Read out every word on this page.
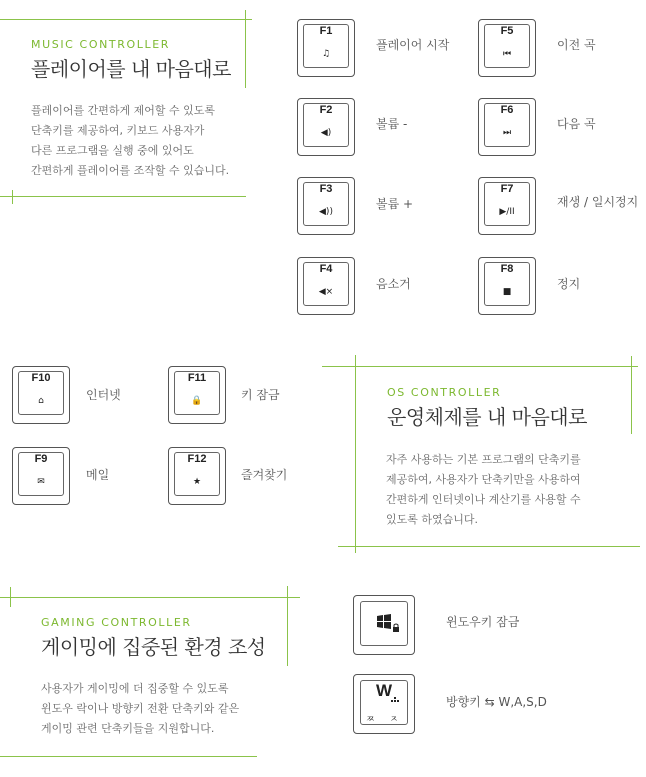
MUSIC CONTROLLER
플레이어를 내 마음대로
플레이어를 간편하게 제어할 수 있도록
단축키를 제공하여, 키보드 사용자가
다른 프로그램을 실행 중에 있어도
간편하게 플레이어를 조작할 수 있습니다.
F1
♫
플레이어 시작
F2
◀)
볼륨 -
F3
◀))
볼륨 +
F4
◀×
음소거
F5
⏮
이전 곡
F6
⏭
다음 곡
F7
▶/II
재생 / 일시정지
F8
■
정지
F10
⌂	인터넷
F9
✉	메일
F11
🔒	키 잠금
F12
★	즐겨찾기
OS CONTROLLER
운영체제를 내 마음대로
자주 사용하는 기본 프로그램의 단축키를
제공하여, 사용자가 단축키만을 사용하여
간편하게 인터넷이나 계산기를 사용할 수
있도록 하였습니다.
GAMING CONTROLLER
게이밍에 집중된 환경 조성
사용자가 게이밍에 더 집중할 수 있도록
윈도우 락이나 방향키 전환 단축키와 같은
게이밍 관련 단축키들을 지원합니다.
윈도우키 잠금
W
ㅉ ㅈ
방향키 ⇆ W,A,S,D
